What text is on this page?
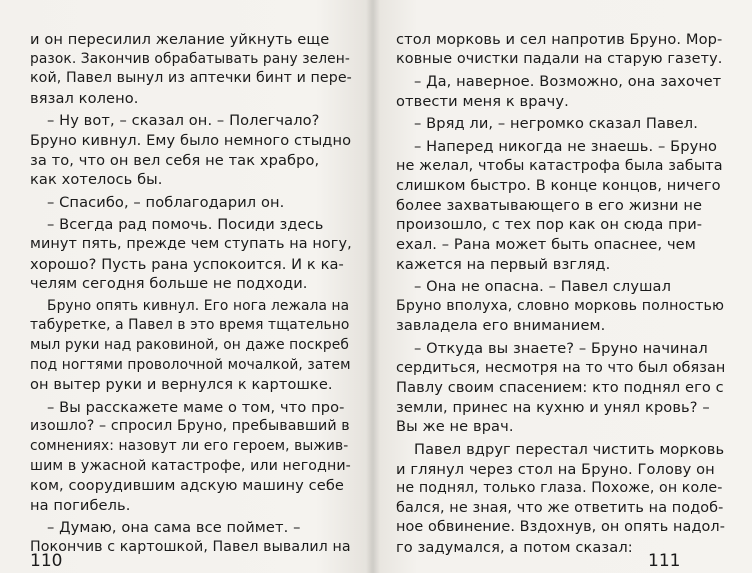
и он пересилил желание уйкнуть еще
разок. Закончив обрабатывать рану зелен-
кой, Павел вынул из аптечки бинт и пере-
вязал колено.
– Ну вот, – сказал он. – Полегчало?
Бруно кивнул. Ему было немного стыдно
за то, что он вел себя не так храбро,
как хотелось бы.
– Спасибо, – поблагодарил он.
– Всегда рад помочь. Посиди здесь
минут пять, прежде чем ступать на ногу,
хорошо? Пусть рана успокоится. И к ка-
челям сегодня больше не подходи.
Бруно опять кивнул. Его нога лежала на
табуретке, а Павел в это время тщательно
мыл руки над раковиной, он даже поскреб
под ногтями проволочной мочалкой, затем
он вытер руки и вернулся к картошке.
– Вы расскажете маме о том, что про-
изошло? – спросил Бруно, пребывавший в
сомнениях: назовут ли его героем, выжив-
шим в ужасной катастрофе, или негодни-
ком, соорудившим адскую машину себе
на погибель.
– Думаю, она сама все поймет. –
Покончив с картошкой, Павел вывалил на
110
стол морковь и сел напротив Бруно. Мор-
ковные очистки падали на старую газету.
– Да, наверное. Возможно, она захочет
отвести меня к врачу.
– Вряд ли, – негромко сказал Павел.
– Наперед никогда не знаешь. – Бруно
не желал, чтобы катастрофа была забыта
слишком быстро. В конце концов, ничего
более захватывающего в его жизни не
произошло, с тех пор как он сюда при-
ехал. – Рана может быть опаснее, чем
кажется на первый взгляд.
– Она не опасна. – Павел слушал
Бруно вполуха, словно морковь полностью
завладела его вниманием.
– Откуда вы знаете? – Бруно начинал
сердиться, несмотря на то что был обязан
Павлу своим спасением: кто поднял его с
земли, принес на кухню и унял кровь? –
Вы же не врач.
Павел вдруг перестал чистить морковь
и глянул через стол на Бруно. Голову он
не поднял, только глаза. Похоже, он коле-
бался, не зная, что же ответить на подоб-
ное обвинение. Вздохнув, он опять надол-
го задумался, а потом сказал:
111
